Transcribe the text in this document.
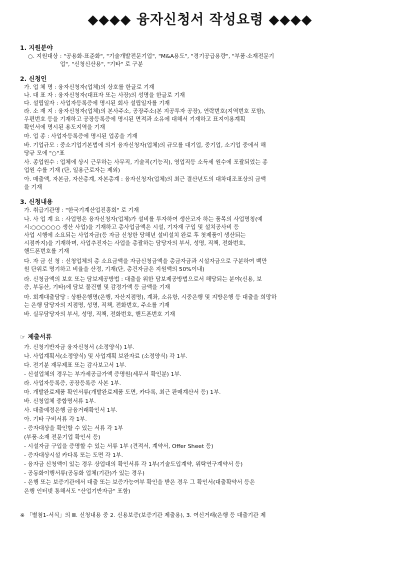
◆◆◆◆ 융자신청서 작성요령 ◆◆◆◆
1. 지원분야
○. 지원대상 : "공용화·표준화", "기술개발전문기업", "M&A용도", "경기공급용량", "부품·소재전문기
업", "신청신산용", "기타" 로 구분
2. 신청인
가. 업 체 명 : 융자신청자(업체)의 상호를 한글로 기재
나. 대 표 자 : 융자신청자(대표자 또는 사장)의 성명을 한글로 기재
다. 설립일자 : 사업자등록증에 명시된 회사 설립일자를 기재
라. 소 재 지 : 융자신청자(업체)의 본사주소, 공장주소(본 지공투자 공장), 연락번호(지역번호 포함),
우편번호 등을 기재하고 공장등록증에 명시된 면적과 소유에 대해서 기재하고 표지이용계획
확인서에 명시된 용도지역을 기재
마. 업 종 : 사업자등록증에 명시된 업종을 기재
바. 기업규모 : 중소기업기본법에 의거 융자신청자(업체)의 규모를 대기업, 중기업, 소기업 중에서 해
당규 모에 "○"표
사. 종업원수 : 업체에 상시 근무하는 사무직, 기술직(기능직), 영업직등 소득세 원수에 포괄되었는 종
업원 수를 기재 (단, 일용근로자는 제외)
아. 매출액, 자본금, 자산총계, 자본총계 : 융자신청자(업체)의 최근 결산년도의 대차대조표상의 금액
을 기재
3. 신청내용
가. 취급기관명 : "한국기계산업진흥회" 로 기재
나. 사 업 계 요 : 사업명은 융자신청자(업체)가 설비를 투자하여 생산코자 하는 품목의 사업명칭(예
시:○○○○○○ 생산 사업)을 기재하고 총사업금액은 시설, 기자재 구입 및 설치공사비 등
사업 시행에 소요되는 사업자금(등 자금 신청한 당해년 설비설치 완료 후 첫제품이 생산되는
시점까지)을 기재하며, 사업추진자는 사업을 총괄하는 담당자의 부서, 성명, 직책, 전화번호,
핸드폰번호를 기재
다. 자 금 신 청 : 신청업체의 총 소요금액을 자금신청금액을 총금자금과 시설자금으로 구분하여 백만
원 단위로 명기하고 비율을 산정, 기재(단, 총건자금은 지원액의 50%이내)
라. 신청금액의 보호 또는 담보제공방법 : 대출을 위한 담보제공방법으로서 해당되는 분야(신용, 보
증, 부동산, 기타)에 담보 물건별 및 감정가액 등 금액을 기재
마. 회계대출담당 : 상환은행명(은행, 자산지점명), 계좌, 소유항, 시중은행 및 지방은행 등 대출을 희망하
는 은행 담당자의 지점명, 성명, 직책, 전화번호, 주소를 기재
바. 실무담당자의 부서, 성명, 직책, 전화번호, 핸드폰번호 기재
☞ 제출서류
가. 신청기반자금 융자신청서 (소정양식) 1부.
나. 사업계획서(소정양식) 및 사업계획 보완자료 (소정양식) 각 1부.
다. 전기분 재무제표 또는 감사보고서 1부.
- 신설업체의 경우는 부가세공급가액 증명원(세무서 확인분) 1부.
라. 사업자등록증, 공장등록증 사본 1부.
마. 개발완료제품 확인서류(개발완료제품 도면, 카다록, 최근 판매계산서 등) 1부.
바. 신청업체 중합명서류 1부.
사. 대출예정은행 금융거래확인서 1부.
아. 기타 구비서류 각 1부.
- 증자대상을 확인할 수 있는 서류 각 1부
(부품·소재 전문기업 확인서 등)
- 시설자금 구입을 증명할 수 있는 서류 1부 (견적서, 계약서, Offer Sheet 등)
- 증자대상시설 카다록 또는 도면 각 1부.
- 융자금 신청액이 있는 경우 상업대의 확인서류 각 1부(기술도입계약, 위탁연구계약서 등)
- 공동화이행서류(공동화 업체(기관)가 있는 경우)
- 은행 또는 보증기관에서 대출 또는 보증가능여부 확인을 받은 경우 그 확인서(대출확약서 등은
은행 인터넷 통해서도 "산업기반자금" 포함)
※ 「별첨1-서식」의 Ⅲ. 신청내용 중 2. 신용보증(보증기관 제출용), 3. 여신거래(은행 등 대출기관 제
